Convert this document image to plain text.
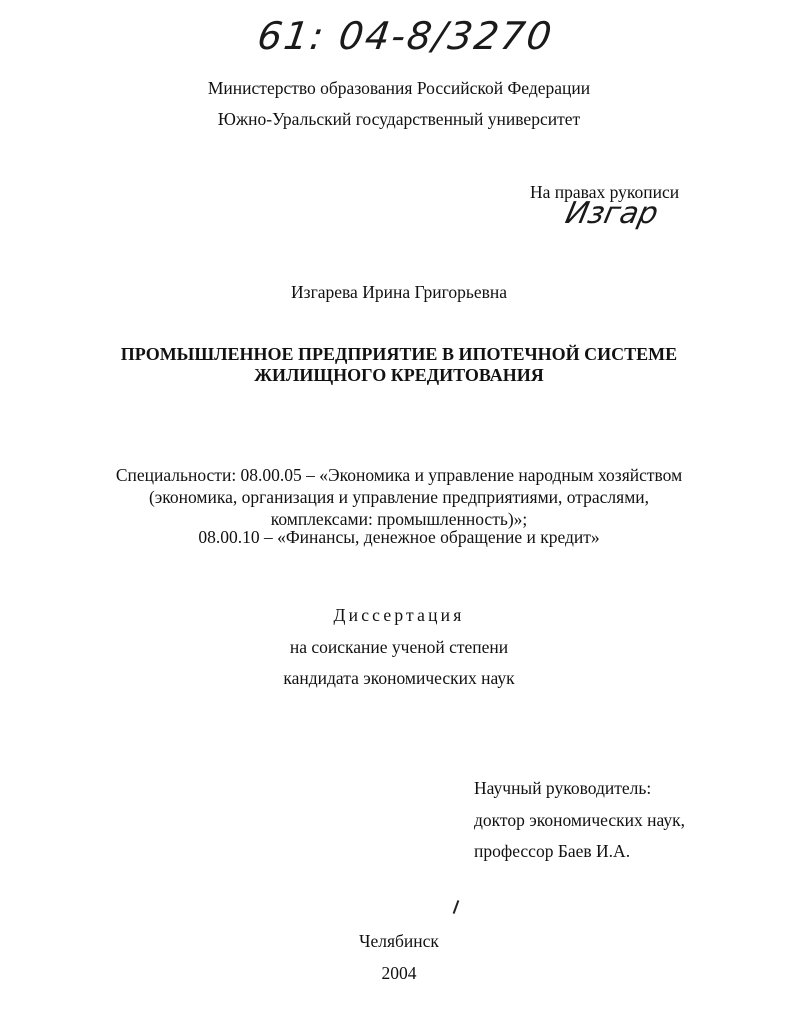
61: 04-8/3270
Министерство образования Российской Федерации
Южно-Уральский государственный университет
На правах рукописи
Изгар
Изгарева Ирина Григорьевна
ПРОМЫШЛЕННОЕ ПРЕДПРИЯТИЕ В ИПОТЕЧНОЙ СИСТЕМЕ
ЖИЛИЩНОГО КРЕДИТОВАНИЯ
Специальности: 08.00.05 – «Экономика и управление народным хозяйством
(экономика, организация и управление предприятиями, отраслями,
комплексами: промышленность)»;
08.00.10 – «Финансы, денежное обращение и кредит»
Диссертация
на соискание ученой степени
кандидата экономических наук
Научный руководитель:
доктор экономических наук,
профессор Баев И.А.
Челябинск
2004
